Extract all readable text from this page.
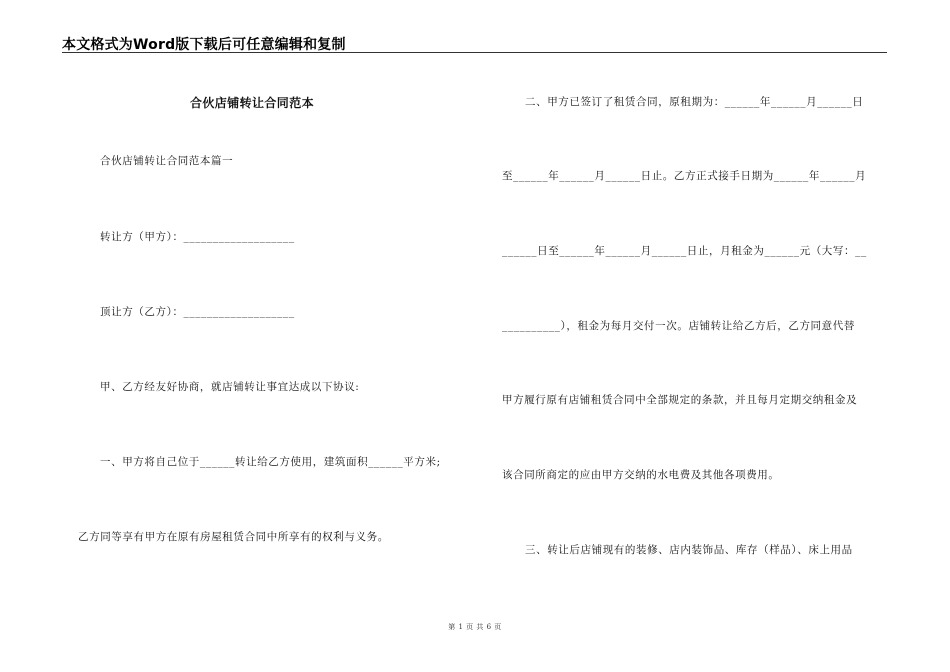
本文格式为Word版下载后可任意编辑和复制
合伙店铺转让合同范本
合伙店铺转让合同范本篇一
转让方（甲方）：___________________
顶让方（乙方）：___________________
甲、乙方经友好协商，就店铺转让事宜达成以下协议:
一、甲方将自己位于______转让给乙方使用，建筑面积______平方米;
乙方同等享有甲方在原有房屋租赁合同中所享有的权利与义务。
二、甲方已签订了租赁合同，原租期为：______年______月______日
至______年______月______日止。乙方正式接手日期为______年______月
______日至______年______月______日止，月租金为______元（大写：__
__________），租金为每月交付一次。店铺转让给乙方后，乙方同意代替
甲方履行原有店铺租赁合同中全部规定的条款，并且每月定期交纳租金及
该合同所商定的应由甲方交纳的水电费及其他各项费用。
三、转让后店铺现有的装修、店内装饰品、库存（样品）、床上用品
第 1 页 共 6 页
